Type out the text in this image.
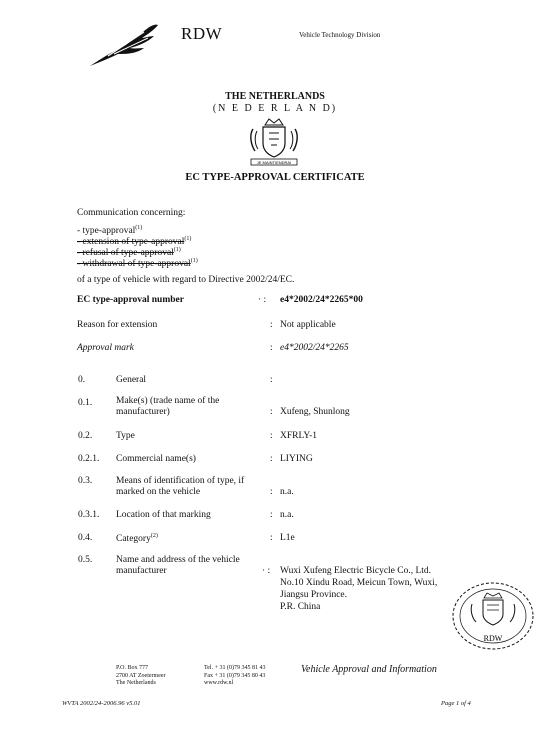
RDW	Vehicle Technology Division
THE NETHERLANDS
(N E D E R L A N D)
JE MAINTIENDRAI
EC TYPE-APPROVAL CERTIFICATE
Communication concerning:
- type-approval$^{(1)}$
- extension of type-approval$^{(1)}$
- refusal of type-approval$^{(1)}$
- withdrawal of type-approval$^{(1)}$
of a type of vehicle with regard to Directive 2002/24/EC.
EC type-approval number	· : e4*2002/24*2265*00
Reason for extension	: Not applicable
Approval mark	: e4*2002/24*2265
0.	General	:
0.1.	Make(s) (trade name of the
manufacturer)	: Xufeng, Shunlong
0.2.	Type	: XFRLY-1
0.2.1. Commercial name(s)	: LIYING
0.3.	Means of identification of type, if
marked on the vehicle	: n.a.
0.3.1. Location of that marking	: n.a.
0.4.	Category$^{(2)}$	: L1e
0.5.	Name and address of the vehicle
manufacturer	· : Wuxi Xufeng Electric Bicycle Co., Ltd.
No.10 Xindu Road, Meicun Town, Wuxi,
Jiangsu Province.
P.R. China
RDW
P.O. Box 777
2700 AT Zoetermeer
The Netherlands
Tel. + 31 (0)79 345 81 43
Fax + 31 (0)79 345 80 43
www.rdw.nl
Vehicle Approval and Information
WVTA 2002/24-2006.96 v5.01	Page 1 of 4
